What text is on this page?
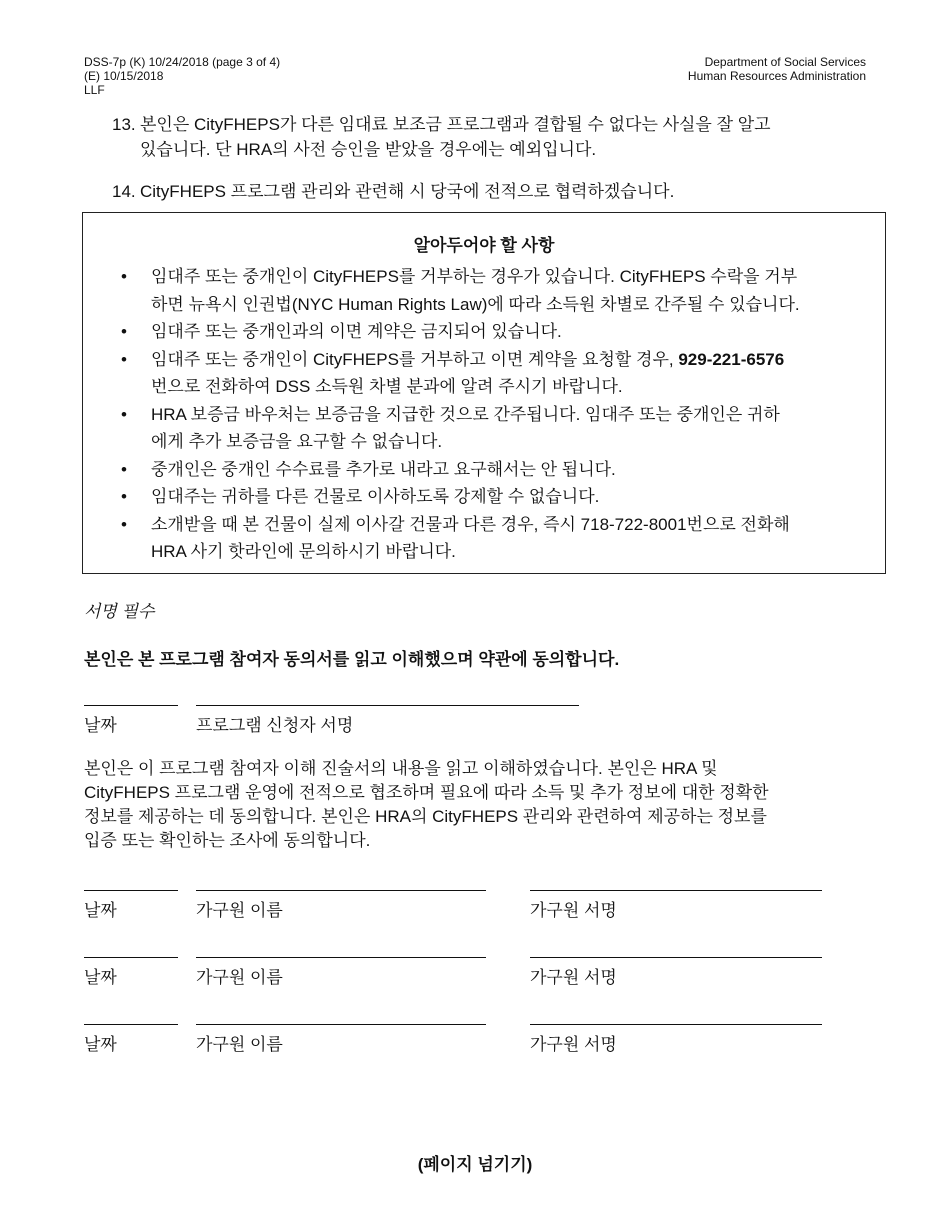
DSS-7p (K) 10/24/2018 (page 3 of 4)
(E) 10/15/2018
LLF
Department of Social Services
Human Resources Administration
13. 본인은 CityFHEPS가 다른 임대료 보조금 프로그램과 결합될 수 없다는 사실을 잘 알고
있습니다. 단 HRA의 사전 승인을 받았을 경우에는 예외입니다.
14. CityFHEPS 프로그램 관리와 관련해 시 당국에 전적으로 협력하겠습니다.
알아두어야 할 사항
• 임대주 또는 중개인이 CityFHEPS를 거부하는 경우가 있습니다. CityFHEPS 수락을 거부
하면 뉴욕시 인권법(NYC Human Rights Law)에 따라 소득원 차별로 간주될 수 있습니다.
• 임대주 또는 중개인과의 이면 계약은 금지되어 있습니다.
• 임대주 또는 중개인이 CityFHEPS를 거부하고 이면 계약을 요청할 경우, 929-221-6576
번으로 전화하여 DSS 소득원 차별 분과에 알려 주시기 바랍니다.
• HRA 보증금 바우처는 보증금을 지급한 것으로 간주됩니다. 임대주 또는 중개인은 귀하
에게 추가 보증금을 요구할 수 없습니다.
• 중개인은 중개인 수수료를 추가로 내라고 요구해서는 안 됩니다.
• 임대주는 귀하를 다른 건물로 이사하도록 강제할 수 없습니다.
• 소개받을 때 본 건물이 실제 이사갈 건물과 다른 경우, 즉시 718-722-8001번으로 전화해
HRA 사기 핫라인에 문의하시기 바랍니다.
서명 필수
본인은 본 프로그램 참여자 동의서를 읽고 이해했으며 약관에 동의합니다.
날짜	프로그램 신청자 서명
본인은 이 프로그램 참여자 이해 진술서의 내용을 읽고 이해하였습니다. 본인은 HRA 및
CityFHEPS 프로그램 운영에 전적으로 협조하며 필요에 따라 소득 및 추가 정보에 대한 정확한
정보를 제공하는 데 동의합니다. 본인은 HRA의 CityFHEPS 관리와 관련하여 제공하는 정보를
입증 또는 확인하는 조사에 동의합니다.
날짜	가구원 이름	가구원 서명
날짜	가구원 이름	가구원 서명
날짜	가구원 이름	가구원 서명
(페이지 넘기기)
